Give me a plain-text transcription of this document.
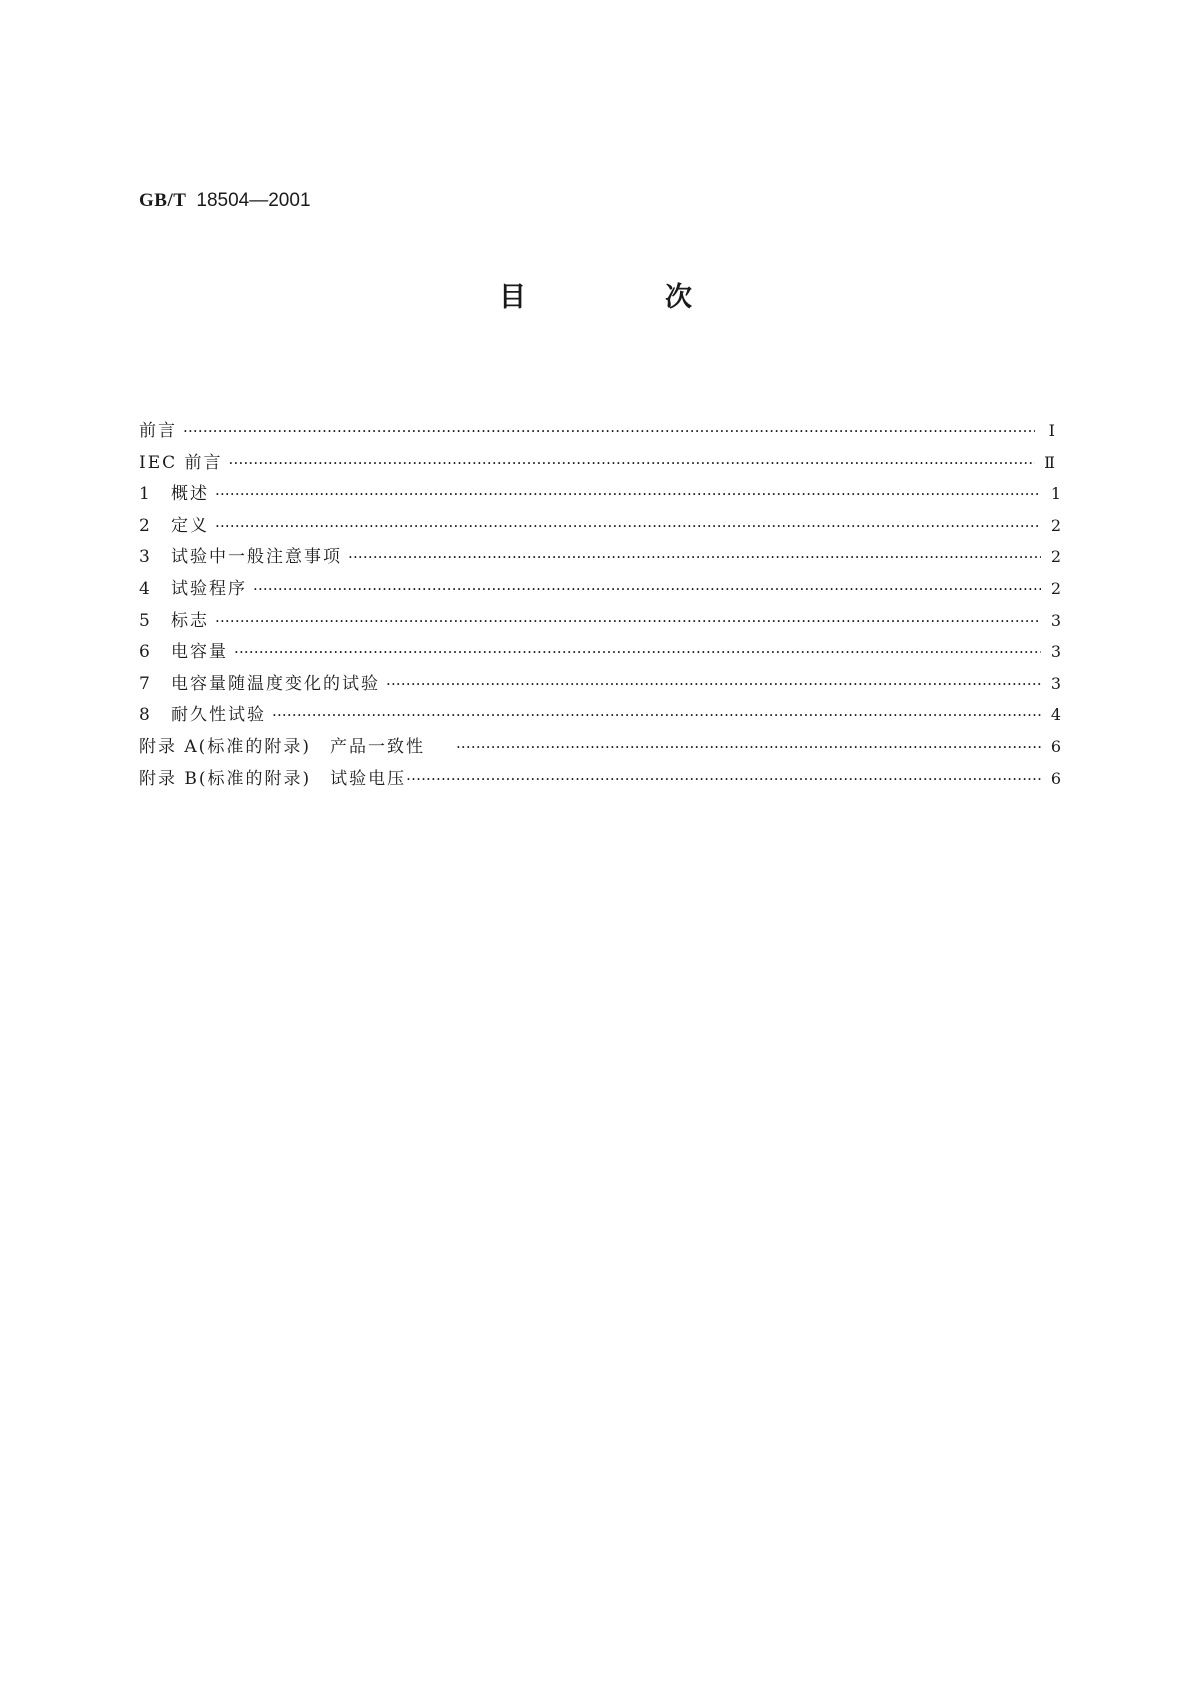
GB/T 18504—2001
目　次
前言 ·····	Ⅰ
IEC 前言 ·····	Ⅱ
1	概述 ·····	1
2	定义 ·····	2
3	试验中一般注意事项 ·····	2
4	试验程序 ·····	2
5	标志 ·····	3
6	电容量 ·····	3
7	电容量随温度变化的试验 ·····	3
8	耐久性试验 ·····	4
附录 A(标准的附录)　产品一致性　 ·····	6
附录 B(标准的附录)　试验电压 ·····	6
